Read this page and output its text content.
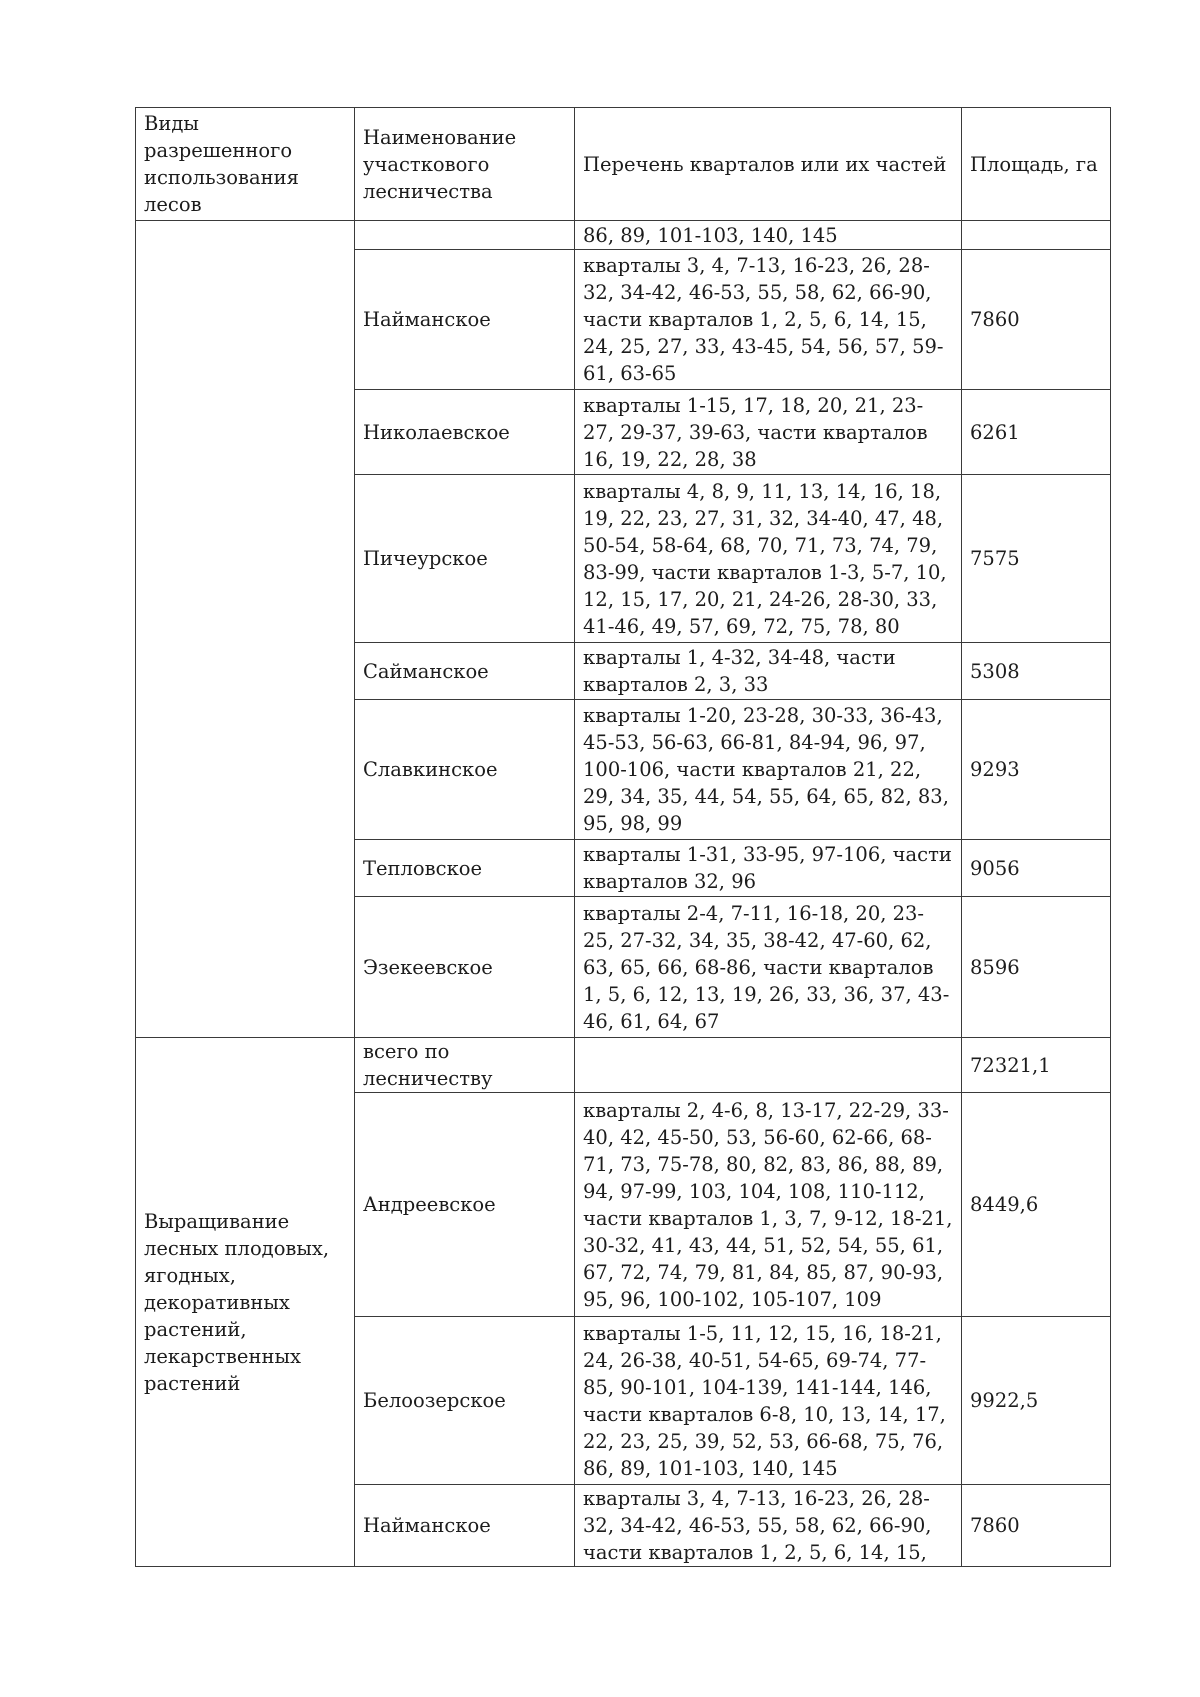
Виды разрешенного использования лесов	Наименование участкового лесничества	Перечень кварталов или их частей	Площадь, га
		86, 89, 101-103, 140, 145	
	Найманское	кварталы 3, 4, 7-13, 16-23, 26, 28-32, 34-42, 46-53, 55, 58, 62, 66-90, части кварталов 1, 2, 5, 6, 14, 15, 24, 25, 27, 33, 43-45, 54, 56, 57, 59-61, 63-65	7860
	Николаевское	кварталы 1-15, 17, 18, 20, 21, 23-27, 29-37, 39-63, части кварталов 16, 19, 22, 28, 38	6261
	Пичеурское	кварталы 4, 8, 9, 11, 13, 14, 16, 18, 19, 22, 23, 27, 31, 32, 34-40, 47, 48, 50-54, 58-64, 68, 70, 71, 73, 74, 79, 83-99, части кварталов 1-3, 5-7, 10, 12, 15, 17, 20, 21, 24-26, 28-30, 33, 41-46, 49, 57, 69, 72, 75, 78, 80	7575
	Сайманское	кварталы 1, 4-32, 34-48, части кварталов 2, 3, 33	5308
	Славкинское	кварталы 1-20, 23-28, 30-33, 36-43, 45-53, 56-63, 66-81, 84-94, 96, 97, 100-106, части кварталов 21, 22, 29, 34, 35, 44, 54, 55, 64, 65, 82, 83, 95, 98, 99	9293
	Тепловское	кварталы 1-31, 33-95, 97-106, части кварталов 32, 96	9056
	Эзекеевское	кварталы 2-4, 7-11, 16-18, 20, 23-25, 27-32, 34, 35, 38-42, 47-60, 62, 63, 65, 66, 68-86, части кварталов 1, 5, 6, 12, 13, 19, 26, 33, 36, 37, 43-46, 61, 64, 67	8596
Выращивание лесных плодовых, ягодных, декоративных растений, лекарственных растений	всего по лесничеству		72321,1
	Андреевское	кварталы 2, 4-6, 8, 13-17, 22-29, 33-40, 42, 45-50, 53, 56-60, 62-66, 68-71, 73, 75-78, 80, 82, 83, 86, 88, 89, 94, 97-99, 103, 104, 108, 110-112, части кварталов 1, 3, 7, 9-12, 18-21, 30-32, 41, 43, 44, 51, 52, 54, 55, 61, 67, 72, 74, 79, 81, 84, 85, 87, 90-93, 95, 96, 100-102, 105-107, 109	8449,6
	Белоозерское	кварталы 1-5, 11, 12, 15, 16, 18-21, 24, 26-38, 40-51, 54-65, 69-74, 77-85, 90-101, 104-139, 141-144, 146, части кварталов 6-8, 10, 13, 14, 17, 22, 23, 25, 39, 52, 53, 66-68, 75, 76, 86, 89, 101-103, 140, 145	9922,5
	Найманское	кварталы 3, 4, 7-13, 16-23, 26, 28-32, 34-42, 46-53, 55, 58, 62, 66-90, части кварталов 1, 2, 5, 6, 14, 15,	7860
